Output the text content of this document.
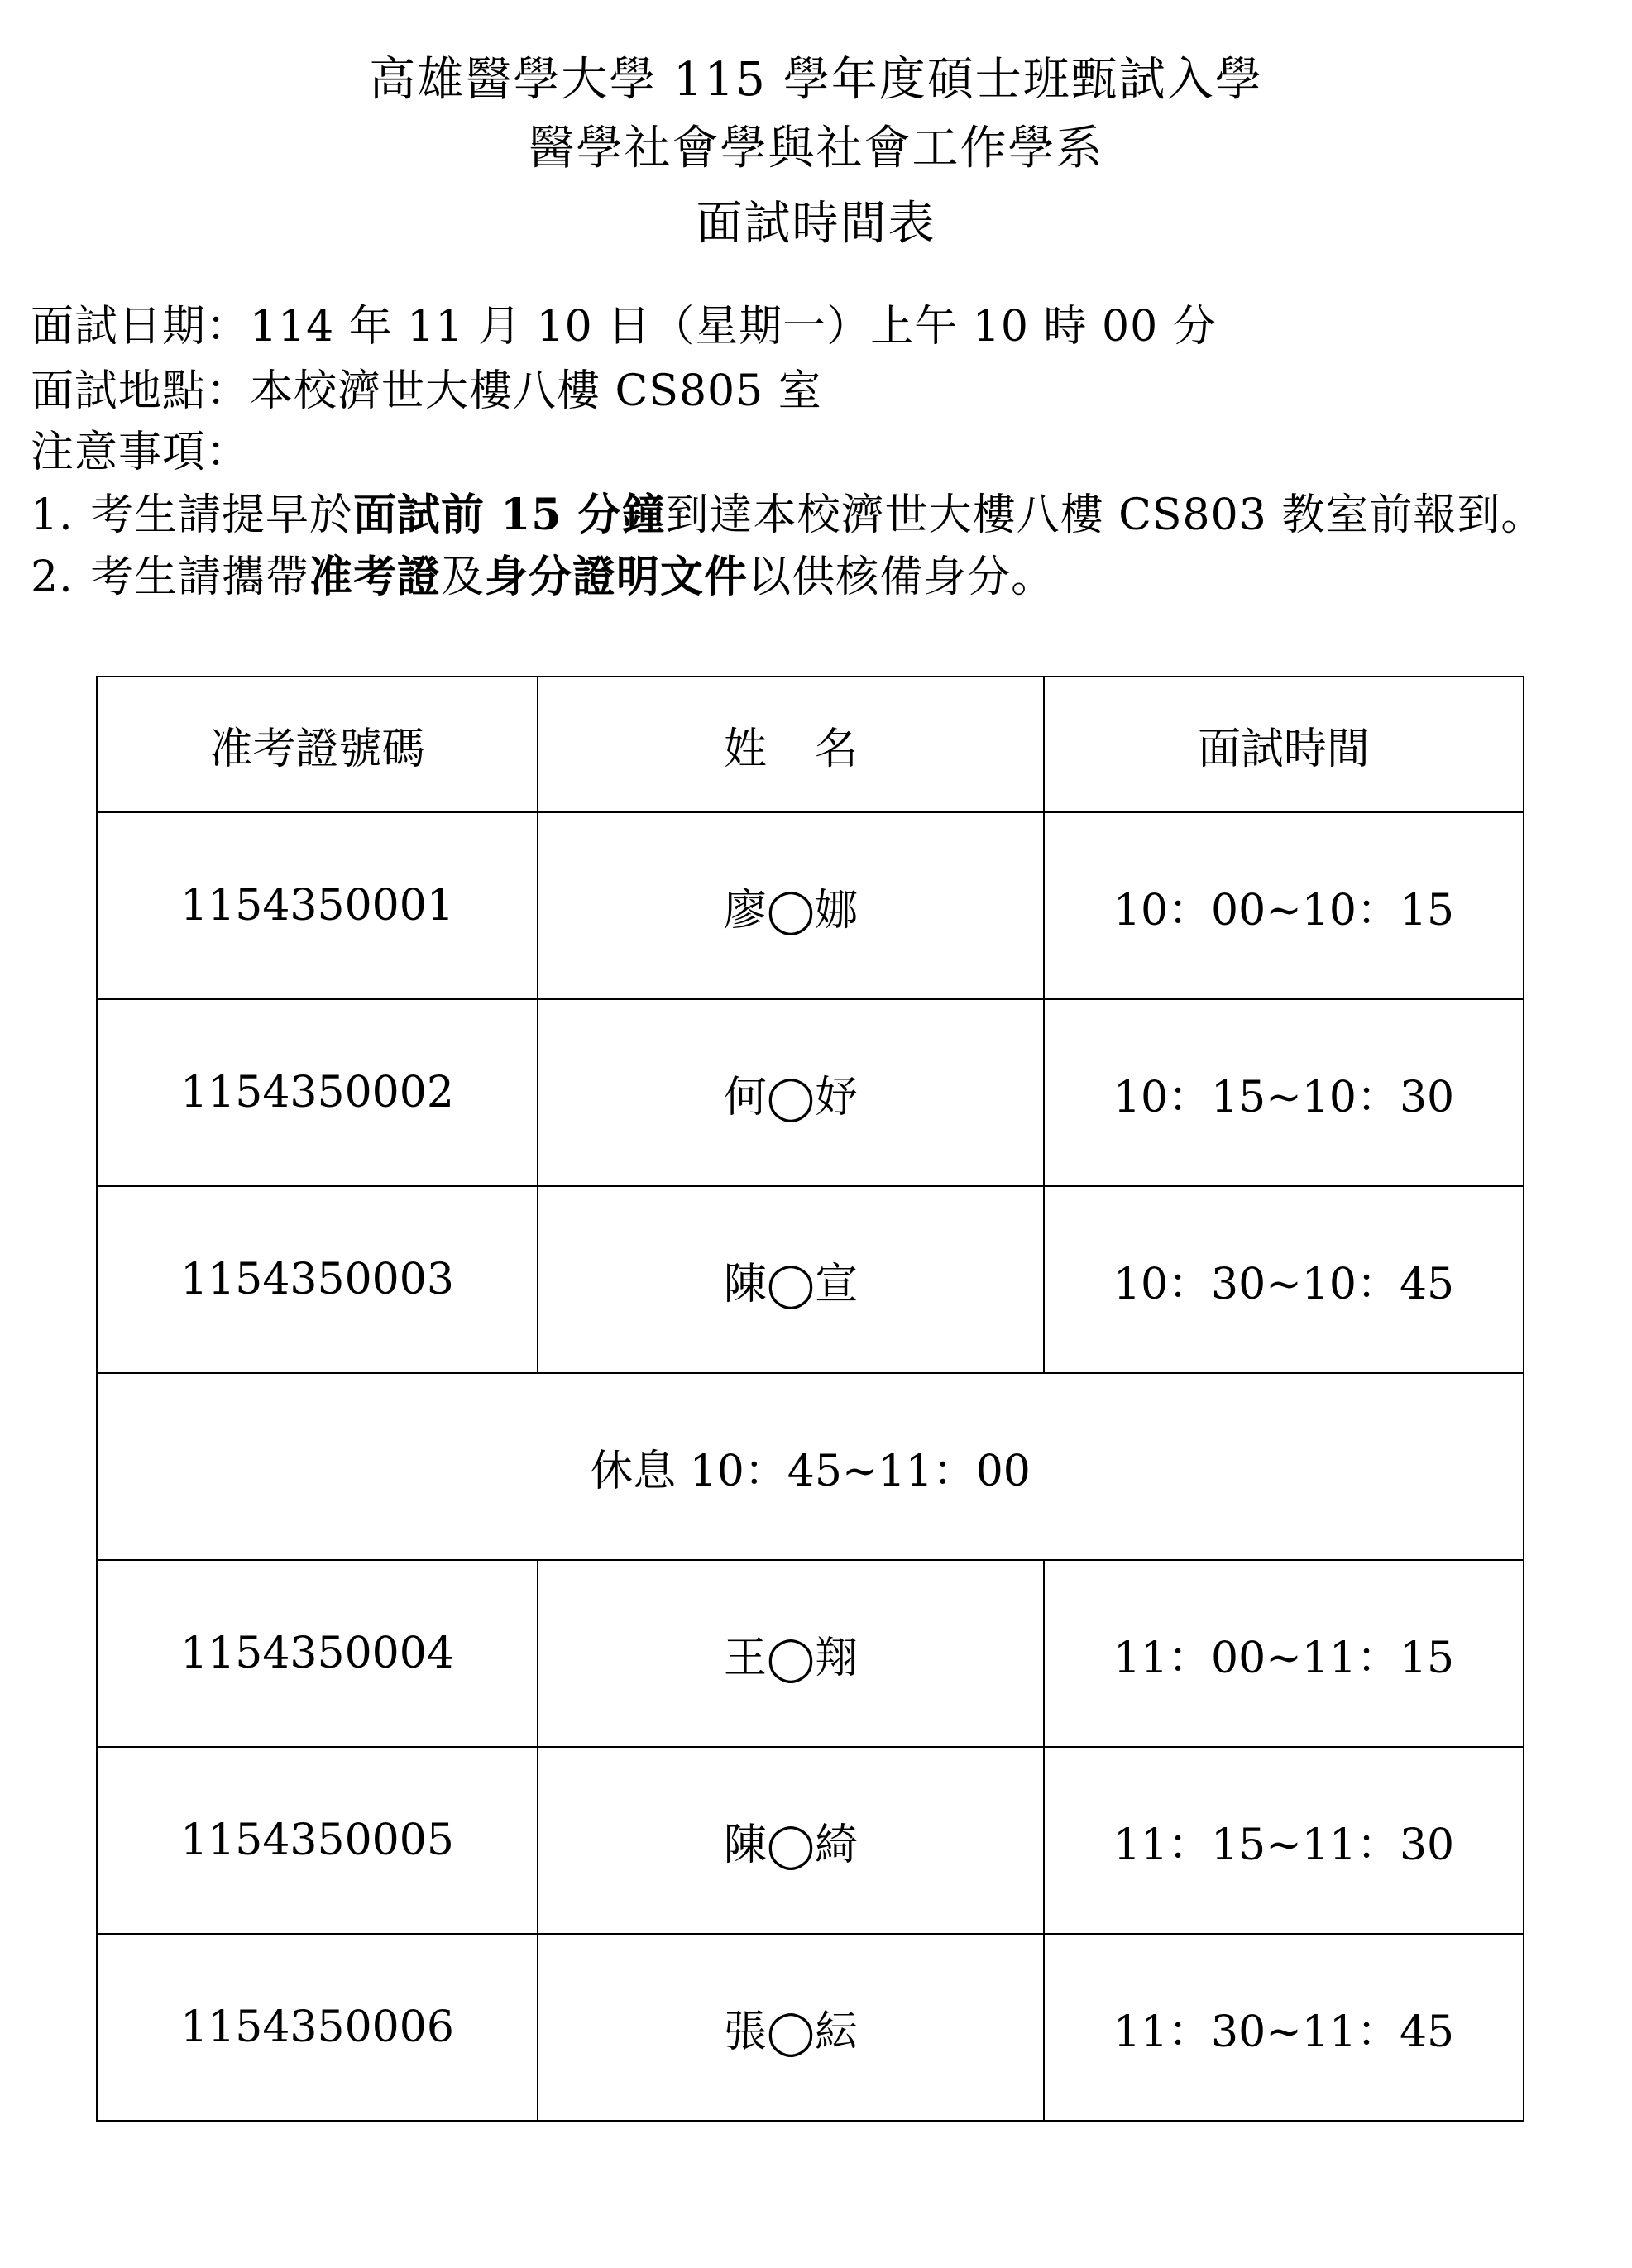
高雄醫學大學 115 學年度碩士班甄試入學
醫學社會學與社會工作學系
面試時間表
面試日期：114 年 11 月 10 日（星期一）上午 10 時 00 分
面試地點：本校濟世大樓八樓 CS805 室
注意事項：
1. 考生請提早於面試前 15 分鐘到達本校濟世大樓八樓 CS803 教室前報到。
2. 考生請攜帶准考證及身分證明文件以供核備身分。
准考證號碼	姓名	面試時間
1154350001	廖◯娜	10：00~10：15
1154350002	何◯妤	10：15~10：30
1154350003	陳◯宣	10：30~10：45
休息 10：45~11：00		
1154350004	王◯翔	11：00~11：15
1154350005	陳◯綺	11：15~11：30
1154350006	張◯紜	11：30~11：45
